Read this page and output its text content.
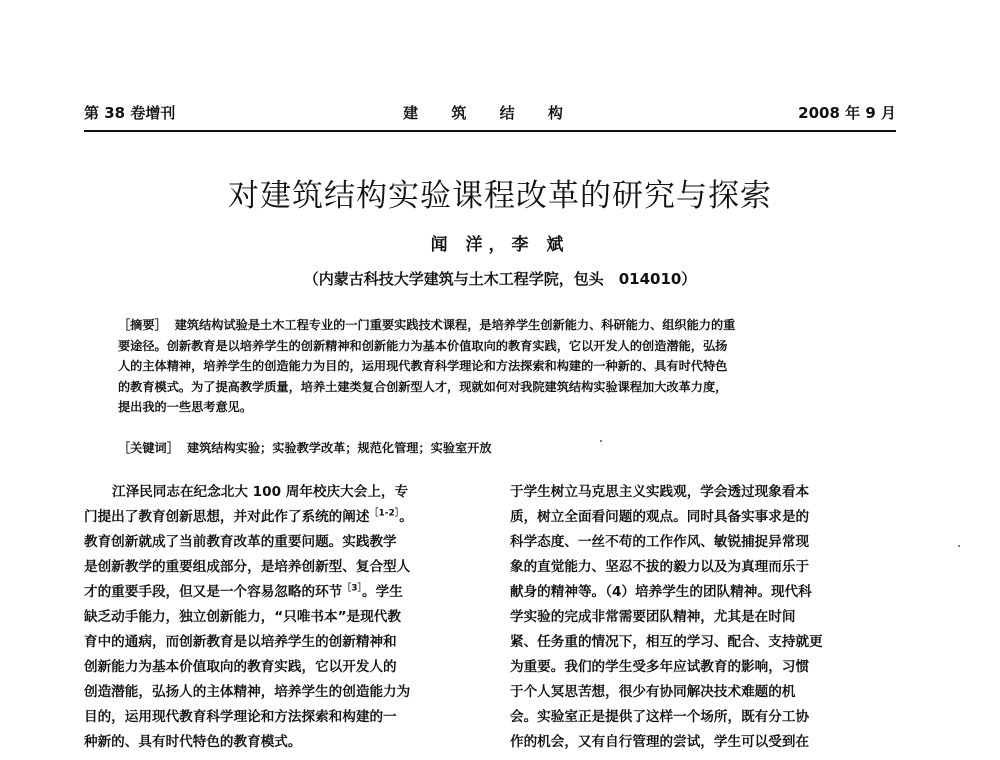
第 38 卷增刊	建 筑 结 构	2008 年 9 月
对建筑结构实验课程改革的研究与探索
闻 洋，李 斌
（内蒙古科技大学建筑与土木工程学院，包头　014010）
［摘要］ 建筑结构试验是土木工程专业的一门重要实践技术课程，是培养学生创新能力、科研能力、组织能力的重
要途径。创新教育是以培养学生的创新精神和创新能力为基本价值取向的教育实践，它以开发人的创造潜能，弘扬
人的主体精神，培养学生的创造能力为目的，运用现代教育科学理论和方法探索和构建的一种新的、具有时代特色
的教育模式。为了提高教学质量，培养土建类复合创新型人才，现就如何对我院建筑结构实验课程加大改革力度，
提出我的一些思考意见。
［关键词］ 建筑结构实验；实验教学改革；规范化管理；实验室开放
江泽民同志在纪念北大 100 周年校庆大会上，专
门提出了教育创新思想，并对此作了系统的阐述$^{[1-2]}$。
教育创新就成了当前教育改革的重要问题。实践教学
是创新教学的重要组成部分，是培养创新型、复合型人
才的重要手段，但又是一个容易忽略的环节$^{[3]}$。学生
缺乏动手能力，独立创新能力，“只唯书本”是现代教
育中的通病，而创新教育是以培养学生的创新精神和
创新能力为基本价值取向的教育实践，它以开发人的
创造潜能，弘扬人的主体精神，培养学生的创造能力为
目的，运用现代教育科学理论和方法探索和构建的一
种新的、具有时代特色的教育模式。
于学生树立马克思主义实践观，学会透过现象看本
质，树立全面看问题的观点。同时具备实事求是的
科学态度、一丝不苟的工作作风、敏锐捕捉异常现
象的直觉能力、坚忍不拔的毅力以及为真理而乐于
献身的精神等。（4）培养学生的团队精神。现代科
学实验的完成非常需要团队精神，尤其是在时间
紧、任务重的情况下，相互的学习、配合、支持就更
为重要。我们的学生受多年应试教育的影响，习惯
于个人冥思苦想，很少有协同解决技术难题的机
会。实验室正是提供了这样一个场所，既有分工协
作的机会，又有自行管理的尝试，学生可以受到在
